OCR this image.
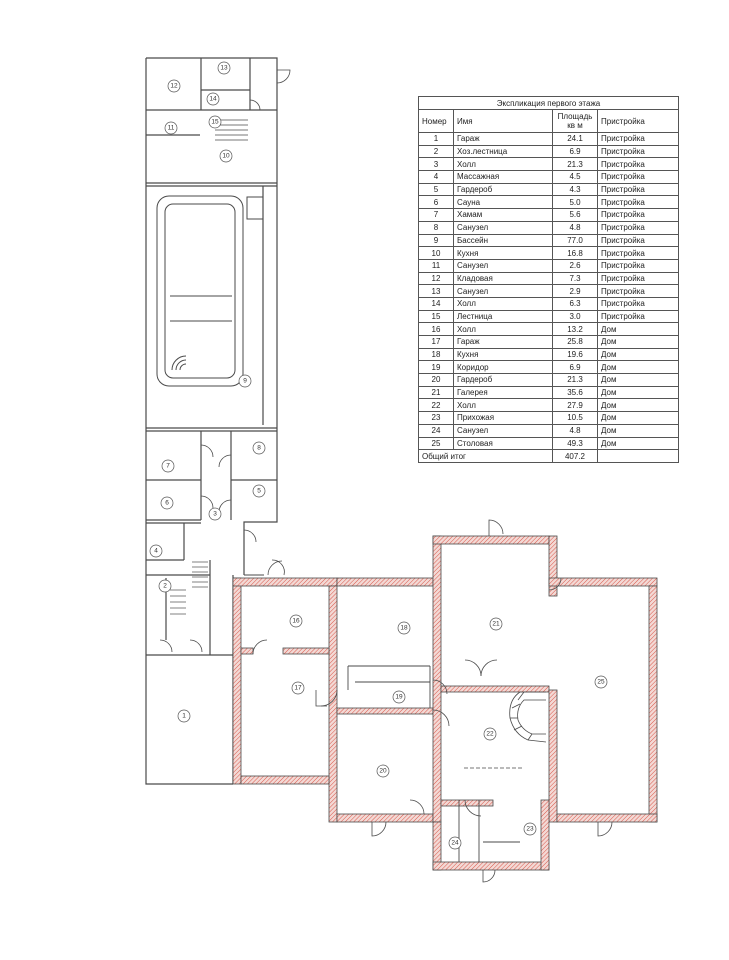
1
2
3
4
5
6
7
8
9
10
11
12
13
14
15
16
17
18
19
20
21
22
23
24
25
Экспликация первого этажа			
Номер	Имя	Площадь кв м	Пристройка
1	Гараж	24.1	Пристройка
2	Хоз.лестница	6.9	Пристройка
3	Холл	21.3	Пристройка
4	Массажная	4.5	Пристройка
5	Гардероб	4.3	Пристройка
6	Сауна	5.0	Пристройка
7	Хамам	5.6	Пристройка
8	Санузел	4.8	Пристройка
9	Бассейн	77.0	Пристройка
10	Кухня	16.8	Пристройка
11	Санузел	2.6	Пристройка
12	Кладовая	7.3	Пристройка
13	Санузел	2.9	Пристройка
14	Холл	6.3	Пристройка
15	Лестница	3.0	Пристройка
16	Холл	13.2	Дом
17	Гараж	25.8	Дом
18	Кухня	19.6	Дом
19	Коридор	6.9	Дом
20	Гардероб	21.3	Дом
21	Галерея	35.6	Дом
22	Холл	27.9	Дом
23	Прихожая	10.5	Дом
24	Санузел	4.8	Дом
25	Столовая	49.3	Дом
Общий итог		407.2	
